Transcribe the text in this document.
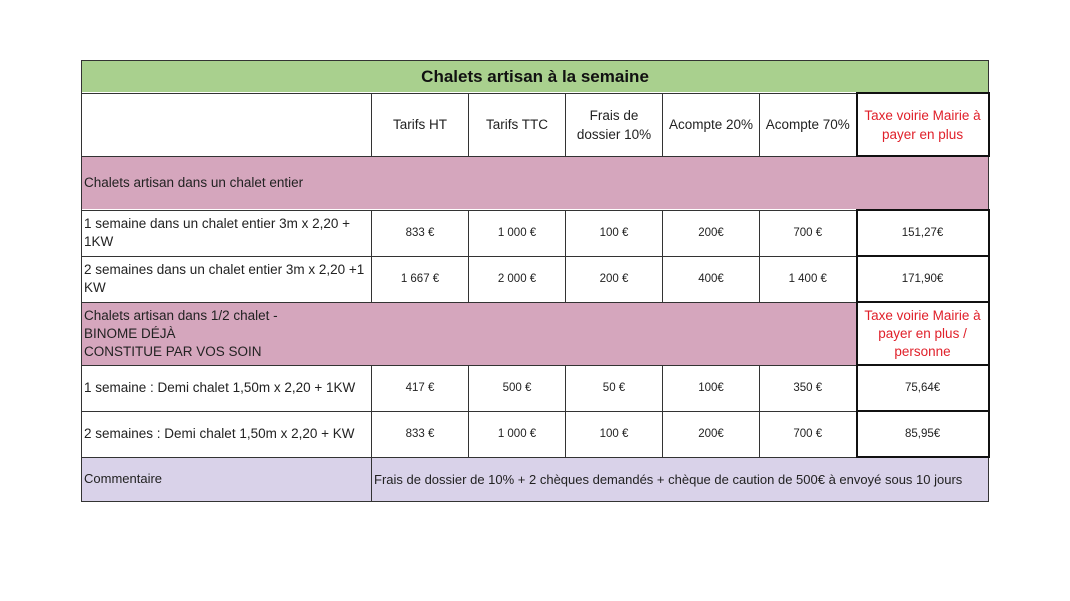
Chalets artisan à la semaine						
	Tarifs HT	Tarifs TTC	Frais de dossier 10%	Acompte 20%	Acompte 70%	Taxe voirie Mairie à payer en plus
Chalets artisan dans un chalet entier						
1 semaine dans un chalet entier 3m x 2,20 + 1KW	833 €	1 000 €	100 €	200€	700 €	151,27€
2 semaines dans un chalet entier 3m x 2,20 +1 KW	1 667 €	2 000 €	200 €	400€	1 400 €	171,90€

Chalets artisan dans 1/2 chalet -
BINOME DÉJÀ
CONSTITUE PAR VOS SOIN						Taxe voirie Mairie à payer en plus / personne
1 semaine : Demi chalet 1,50m x 2,20 + 1KW	417 €	500 €	50 €	100€	350 €	75,64€
2 semaines : Demi chalet 1,50m x 2,20 + KW	833 €	1 000 €	100 €	200€	700 €	85,95€
Commentaire	Frais de dossier de 10% + 2 chèques demandés + chèque de caution de 500€ à envoyé sous 10 jours					
